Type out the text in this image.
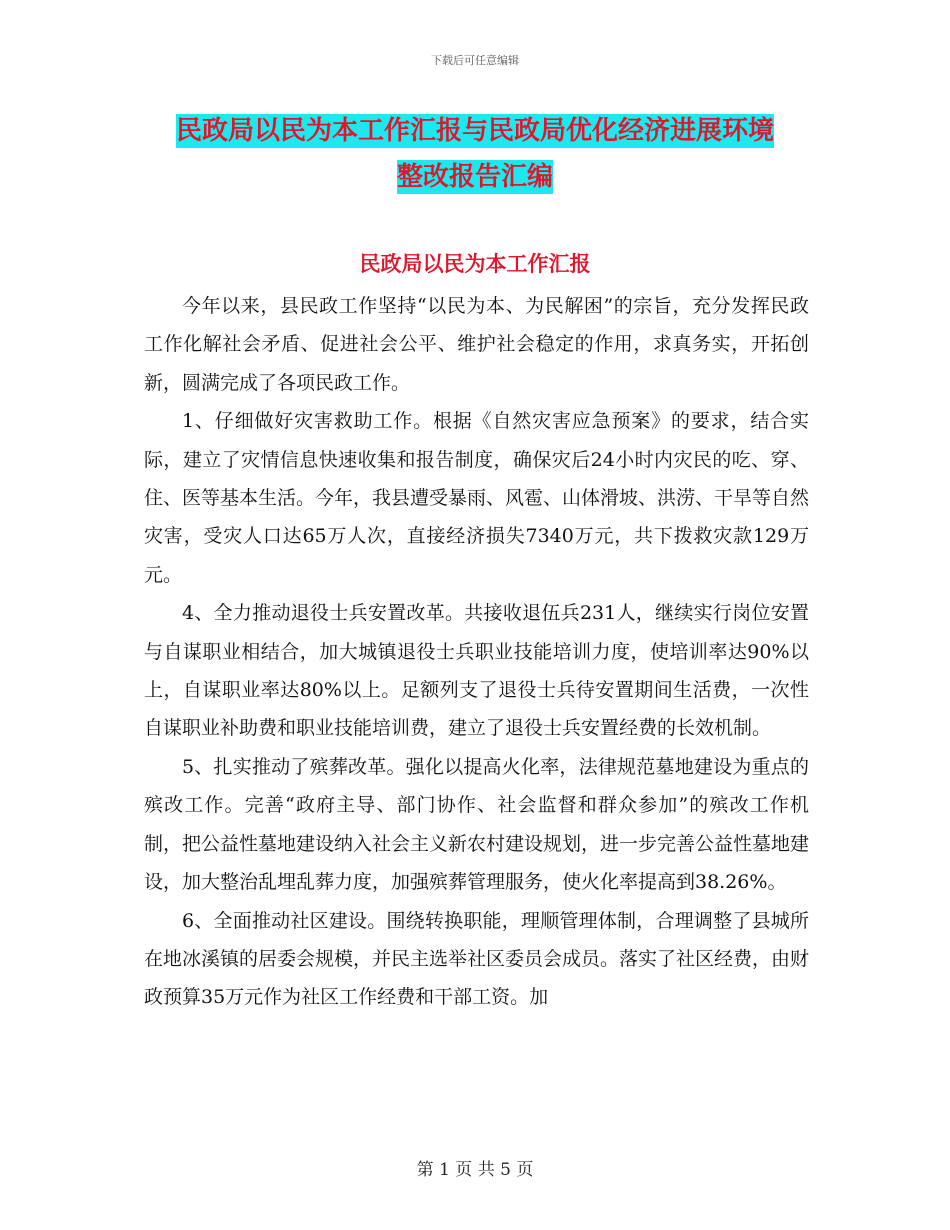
下载后可任意编辑
民政局以民为本工作汇报与民政局优化经济进展环境
整改报告汇编
民政局以民为本工作汇报

今年以来，县民政工作坚持“以民为本、为民解困”的宗旨，充分发挥民政工作化解社会矛盾、促进社会公平、维护社会稳定的作用，求真务实，开拓创新，圆满完成了各项民政工作。

1、仔细做好灾害救助工作。根据《自然灾害应急预案》的要求，结合实际，建立了灾情信息快速收集和报告制度，确保灾后24小时内灾民的吃、穿、住、医等基本生活。今年，我县遭受暴雨、风雹、山体滑坡、洪涝、干旱等自然灾害，受灾人口达65万人次，直接经济损失7340万元，共下拨救灾款129万元。

4、全力推动退役士兵安置改革。共接收退伍兵231人，继续实行岗位安置与自谋职业相结合，加大城镇退役士兵职业技能培训力度，使培训率达90%以上，自谋职业率达80%以上。足额列支了退役士兵待安置期间生活费，一次性自谋职业补助费和职业技能培训费，建立了退役士兵安置经费的长效机制。

5、扎实推动了殡葬改革。强化以提高火化率，法律规范墓地建设为重点的殡改工作。完善“政府主导、部门协作、社会监督和群众参加”的殡改工作机制，把公益性墓地建设纳入社会主义新农村建设规划，进一步完善公益性墓地建设，加大整治乱埋乱葬力度，加强殡葬管理服务，使火化率提高到38.26%。

6、全面推动社区建设。围绕转换职能，理顺管理体制，合理调整了县城所在地冰溪镇的居委会规模，并民主选举社区委员会成员。落实了社区经费，由财政预算35万元作为社区工作经费和干部工资。加

第 1 页 共 5 页
